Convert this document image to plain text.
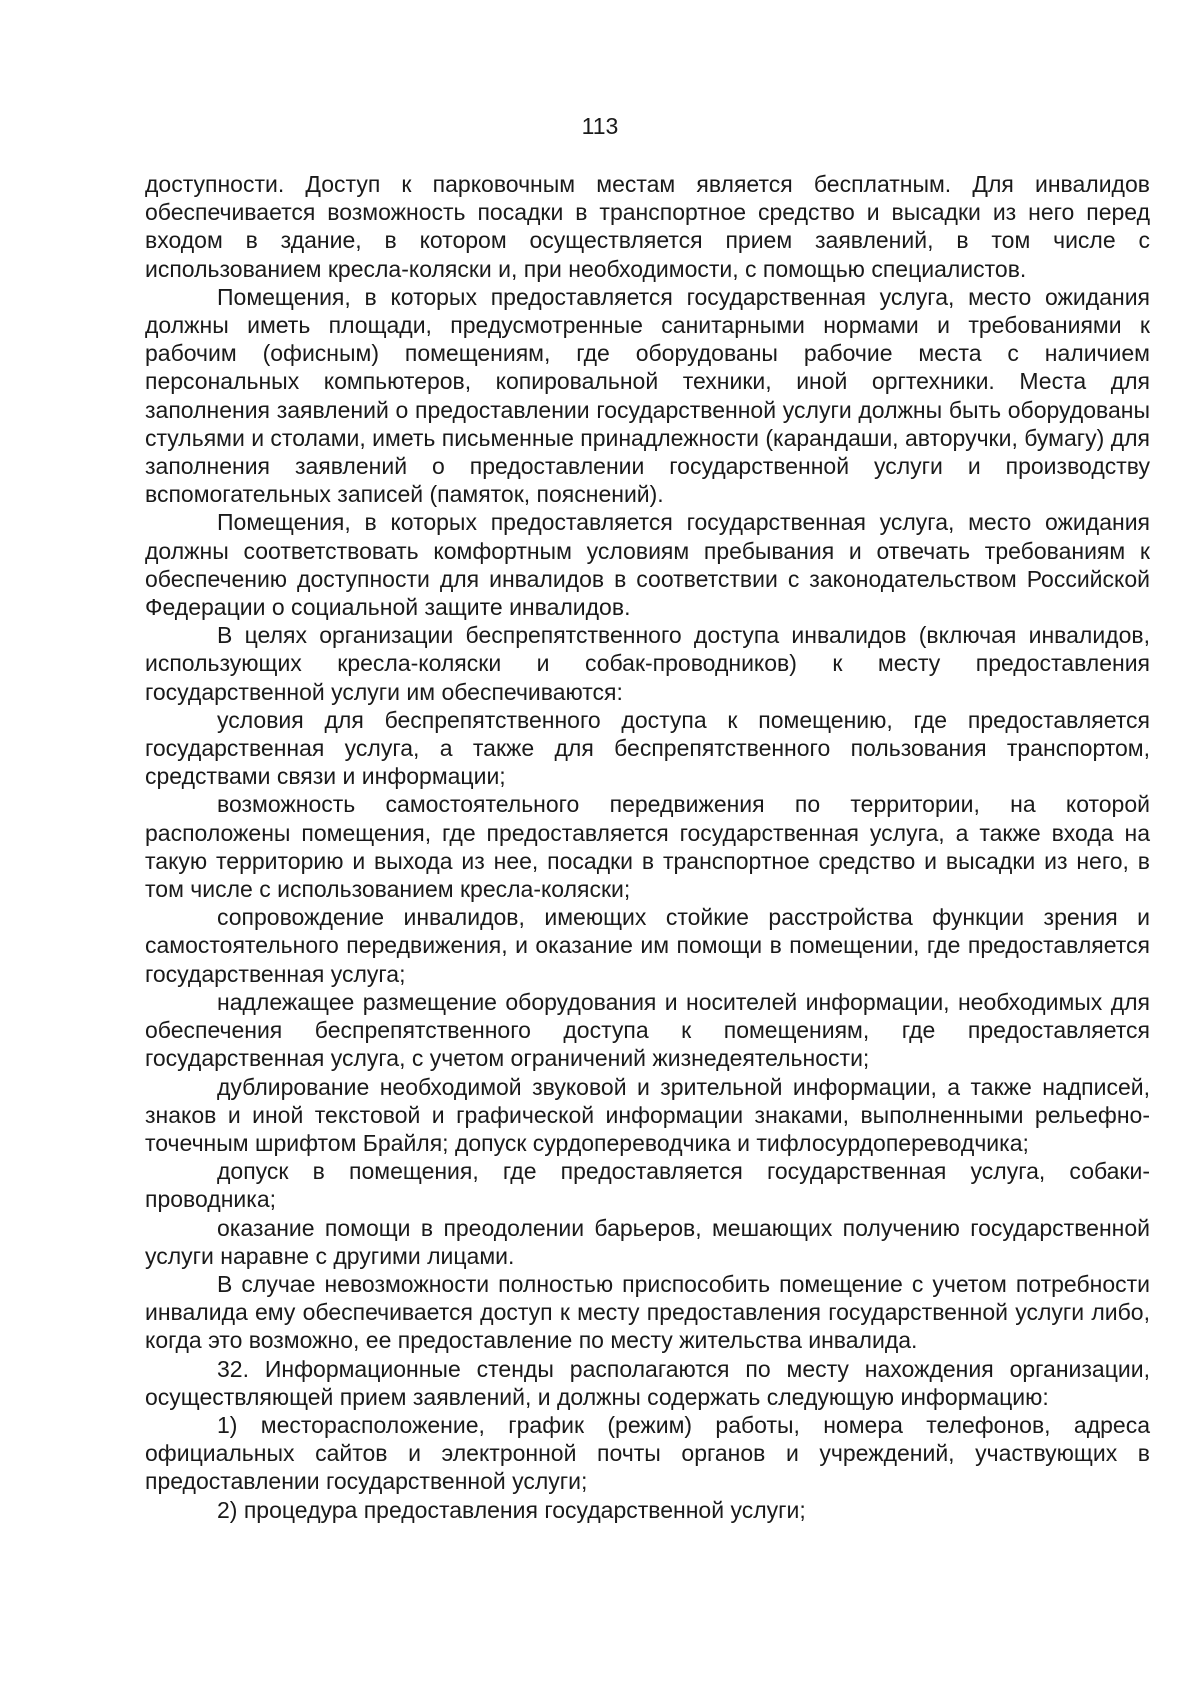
113

доступности. Доступ к парковочным местам является бесплатным. Для инвалидов обеспечивается возможность посадки в транспортное средство и высадки из него перед входом в здание, в котором осуществляется прием заявлений, в том числе с использованием кресла-коляски и, при необходимости, с помощью специалистов.

Помещения, в которых предоставляется государственная услуга, место ожидания должны иметь площади, предусмотренные санитарными нормами и требованиями к рабочим (офисным) помещениям, где оборудованы рабочие места с наличием персональных компьютеров, копировальной техники, иной оргтехники. Места для заполнения заявлений о предоставлении государственной услуги должны быть оборудованы стульями и столами, иметь письменные принадлежности (карандаши, авторучки, бумагу) для заполнения заявлений о предоставлении государственной услуги и производству вспомогательных записей (памяток, пояснений).

Помещения, в которых предоставляется государственная услуга, место ожидания должны соответствовать комфортным условиям пребывания и отвечать требованиям к обеспечению доступности для инвалидов в соответствии с законодательством Российской Федерации о социальной защите инвалидов.

В целях организации беспрепятственного доступа инвалидов (включая инвалидов, использующих кресла-коляски и собак-проводников) к месту предоставления государственной услуги им обеспечиваются:

условия для беспрепятственного доступа к помещению, где предоставляется государственная услуга, а также для беспрепятственного пользования транспортом, средствами связи и информации;

возможность самостоятельного передвижения по территории, на которой расположены помещения, где предоставляется государственная услуга, а также входа на такую территорию и выхода из нее, посадки в транспортное средство и высадки из него, в том числе с использованием кресла-коляски;

сопровождение инвалидов, имеющих стойкие расстройства функции зрения и самостоятельного передвижения, и оказание им помощи в помещении, где предоставляется государственная услуга;

надлежащее размещение оборудования и носителей информации, необходимых для обеспечения беспрепятственного доступа к помещениям, где предоставляется государственная услуга, с учетом ограничений жизнедеятельности;

дублирование необходимой звуковой и зрительной информации, а также надписей, знаков и иной текстовой и графической информации знаками, выполненными рельефно-точечным шрифтом Брайля; допуск сурдопереводчика и тифлосурдопереводчика;

допуск в помещения, где предоставляется государственная услуга, собаки-проводника;

оказание помощи в преодолении барьеров, мешающих получению государственной услуги наравне с другими лицами.

В случае невозможности полностью приспособить помещение с учетом потребности инвалида ему обеспечивается доступ к месту предоставления государственной услуги либо, когда это возможно, ее предоставление по месту жительства инвалида.

32. Информационные стенды располагаются по месту нахождения организации, осуществляющей прием заявлений, и должны содержать следующую информацию:

1) месторасположение, график (режим) работы, номера телефонов, адреса официальных сайтов и электронной почты органов и учреждений, участвующих в предоставлении государственной услуги;

2) процедура предоставления государственной услуги;
